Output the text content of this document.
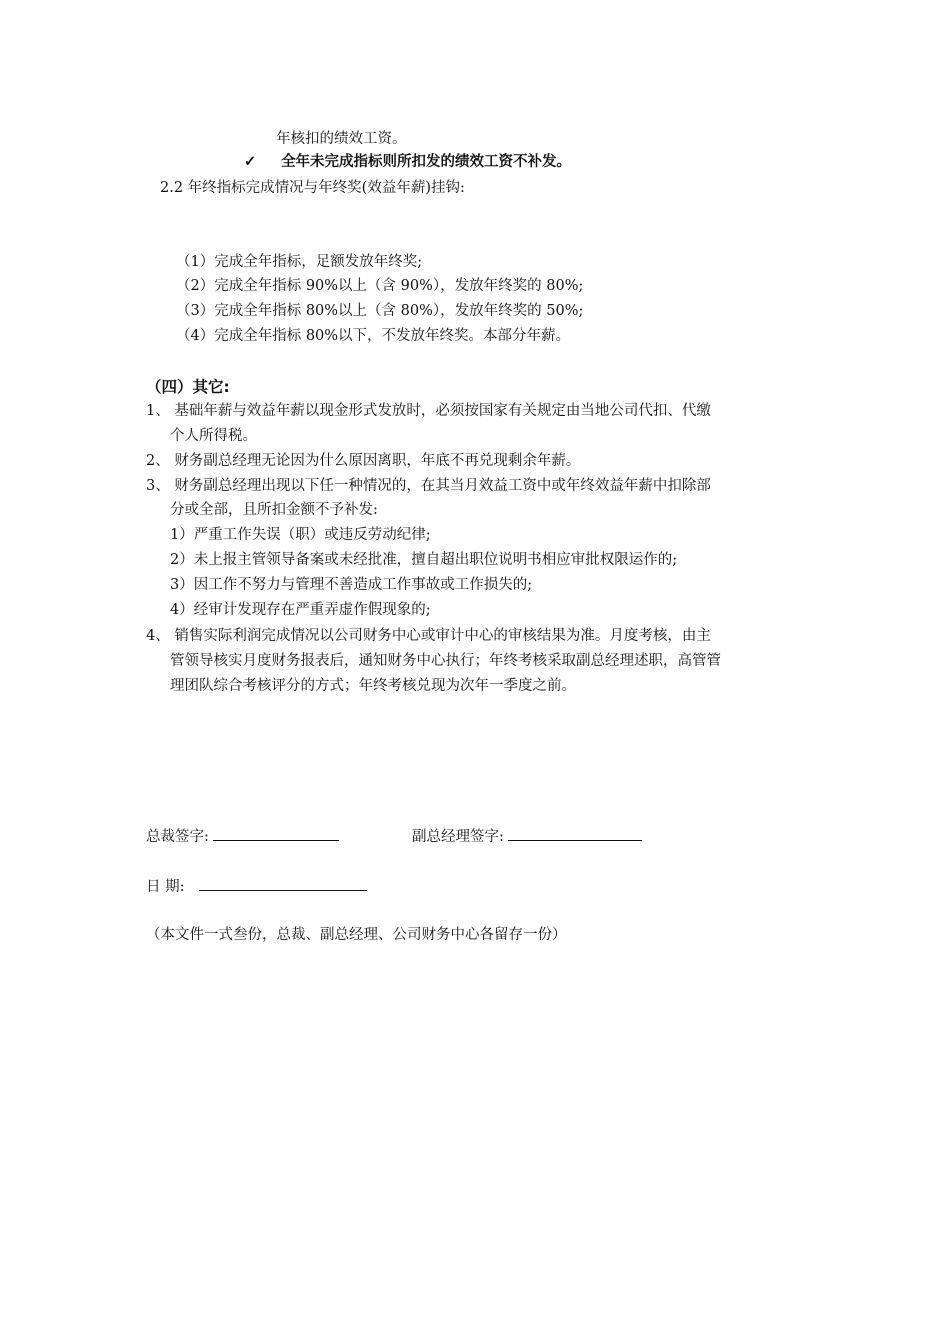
年核扣的绩效工资。
✓ 全年未完成指标则所扣发的绩效工资不补发。
2.2 年终指标完成情况与年终奖(效益年薪)挂钩:
（1）完成全年指标，足额发放年终奖;
（2）完成全年指标 90%以上（含 90%），发放年终奖的 80%;
（3）完成全年指标 80%以上（含 80%），发放年终奖的 50%;
（4）完成全年指标 80%以下，不发放年终奖。本部分年薪。
（四）其它:
1、 基础年薪与效益年薪以现金形式发放时，必须按国家有关规定由当地公司代扣、代缴
个人所得税。
2、 财务副总经理无论因为什么原因离职，年底不再兑现剩余年薪。
3、 财务副总经理出现以下任一种情况的，在其当月效益工资中或年终效益年薪中扣除部
分或全部，且所扣金额不予补发:
1）严重工作失误（职）或违反劳动纪律;
2）未上报主管领导备案或未经批准，擅自超出职位说明书相应审批权限运作的;
3）因工作不努力与管理不善造成工作事故或工作损失的;
4）经审计发现存在严重弄虚作假现象的;
4、 销售实际利润完成情况以公司财务中心或审计中心的审核结果为准。月度考核，由主
管领导核实月度财务报表后，通知财务中心执行；年终考核采取副总经理述职，高管管
理团队综合考核评分的方式；年终考核兑现为次年一季度之前。
总裁签字:	副总经理签字:
日 期:
（本文件一式叁份，总裁、副总经理、公司财务中心各留存一份）
